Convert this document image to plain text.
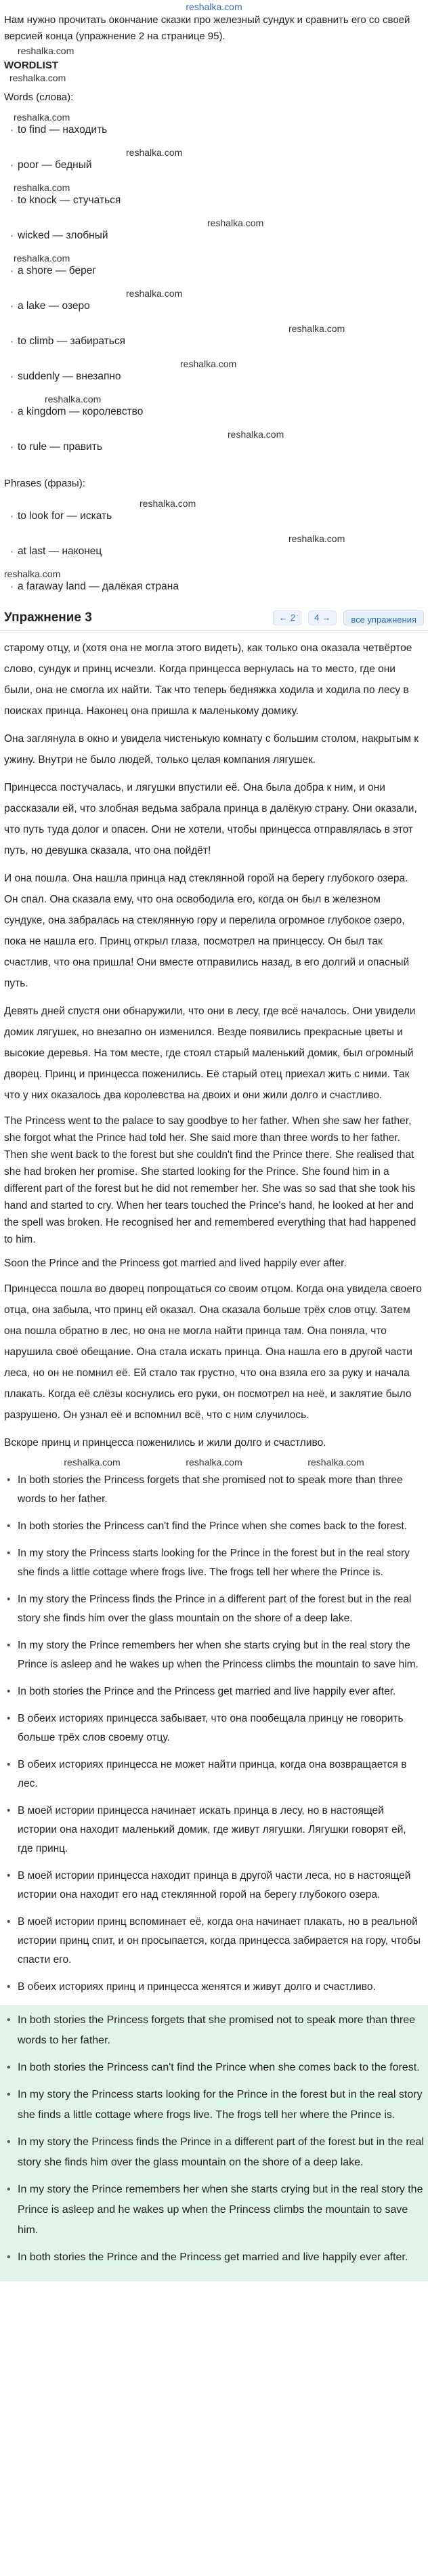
reshalka.com

Нам нужно прочитать окончание сказки про железный сундук и сравнить его со своей версией конца (упражнение 2 на странице 95).

reshalka.com
WORDLIST
reshalka.com
Words (слова):
· reshalka.com
to find — находить
· reshalka.com
poor — бедный
· reshalka.com
to knock — стучаться
· reshalka.com
wicked — злобный
· reshalka.com
a shore — берег
· reshalka.com
a lake — озеро
· reshalka.com
to climb — забираться
· reshalka.com
suddenly — внезапно
· reshalka.com
a kingdom — королевство
· reshalka.com
to rule — править
Phrases (фразы):
· reshalka.com
to look for — искать
· reshalka.com
at last — наконец
· reshalka.com
a faraway land — далёкая страна
Упражнение 3	← 2 4 →	все упражнения

старому отцу, и (хотя она не могла этого видеть), как только она оказала четвёртое слово, сундук и принц исчезли. Когда принцесса вернулась на то место, где они были, она не смогла их найти. Так что теперь бедняжка ходила и ходила по лесу в поисках принца. Наконец она пришла к маленькому домику.

Она заглянула в окно и увидела чистенькую комнату с большим столом, накрытым к ужину. Внутри не было людей, только целая компания лягушек.

Принцесса постучалась, и лягушки впустили её. Она была добра к ним, и они рассказали ей, что злобная ведьма забрала принца в далёкую страну. Они оказали, что путь туда долог и опасен. Они не хотели, чтобы принцесса отправлялась в этот путь, но девушка сказала, что она пойдёт!

И она пошла. Она нашла принца над стеклянной горой на берегу глубокого озера. Он спал. Она сказала ему, что она освободила его, когда он был в железном сундуке, она забралась на стеклянную гору и перелила огромное глубокое озеро, пока не нашла его. Принц открыл глаза, посмотрел на принцессу. Он был так счастлив, что она пришла! Они вместе отправились назад, в его долгий и опасный путь.

Девять дней спустя они обнаружили, что они в лесу, где всё началось. Они увидели домик лягушек, но внезапно он изменился. Везде появились прекрасные цветы и высокие деревья. На том месте, где стоял старый маленький домик, был огромный дворец. Принц и принцесса поженились. Её старый отец приехал жить с ними. Так что у них оказалось два королевства на двоих и они жили долго и счастливо.

The Princess went to the palace to say goodbye to her father. When she saw her father, she forgot what the Prince had told her. She said more than three words to her father. Then she went back to the forest but she couldn't find the Prince there. She realised that she had broken her promise. She started looking for the Prince. She found him in a different part of the forest but he did not remember her. She was so sad that she took his hand and started to cry. When her tears touched the Prince's hand, he looked at her and the spell was broken. He recognised her and remembered everything that had happened to him.

Soon the Prince and the Princess got married and lived happily ever after.

Принцесса пошла во дворец попрощаться со своим отцом. Когда она увидела своего отца, она забыла, что принц ей оказал. Она сказала больше трёх слов отцу. Затем она пошла обратно в лес, но она не могла найти принца там. Она поняла, что нарушила своё обещание. Она стала искать принца. Она нашла его в другой части леса, но он не помнил её. Ей стало так грустно, что она взяла его за руку и начала плакать. Когда её слёзы коснулись его руки, он посмотрел на неё, и заклятие было разрушено. Он узнал её и вспомнил всё, что с ним случилось.

Вскоре принц и принцесса поженились и жили долго и счастливо.

reshalka.com	reshalka.com	reshalka.com
• In both stories the Princess forgets that she promised not to speak more than three words to her father.
• In both stories the Princess can't find the Prince when she comes back to the forest.
• In my story the Princess starts looking for the Prince in the forest but in the real story she finds a little cottage where frogs live. The frogs tell her where the Prince is.
• In my story the Princess finds the Prince in a different part of the forest but in the real story she finds him over the glass mountain on the shore of a deep lake.
• In my story the Prince remembers her when she starts crying but in the real story the Prince is asleep and he wakes up when the Princess climbs the mountain to save him.
• In both stories the Prince and the Princess get married and live happily ever after.
• В обеих историях принцесса забывает, что она пообещала принцу не говорить больше трёх слов своему отцу.
• В обеих историях принцесса не может найти принца, когда она возвращается в лес.
• В моей истории принцесса начинает искать принца в лесу, но в настоящей истории она находит маленький домик, где живут лягушки. Лягушки говорят ей, где принц.
• В моей истории принцесса находит принца в другой части леса, но в настоящей истории она находит его над стеклянной горой на берегу глубокого озера.
• В моей истории принц вспоминает её, когда она начинает плакать, но в реальной истории принц спит, и он просыпается, когда принцесса забирается на гору, чтобы спасти его.
• В обеих историях принц и принцесса женятся и живут долго и счастливо.
• In both stories the Princess forgets that she promised not to speak more than three words to her father.
• In both stories the Princess can't find the Prince when she comes back to the forest.
• In my story the Princess starts looking for the Prince in the forest but in the real story she finds a little cottage where frogs live. The frogs tell her where the Prince is.
• In my story the Princess finds the Prince in a different part of the forest but in the real story she finds him over the glass mountain on the shore of a deep lake.
• In my story the Prince remembers her when she starts crying but in the real story the Prince is asleep and he wakes up when the Princess climbs the mountain to save him.
• In both stories the Prince and the Princess get married and live happily ever after.
